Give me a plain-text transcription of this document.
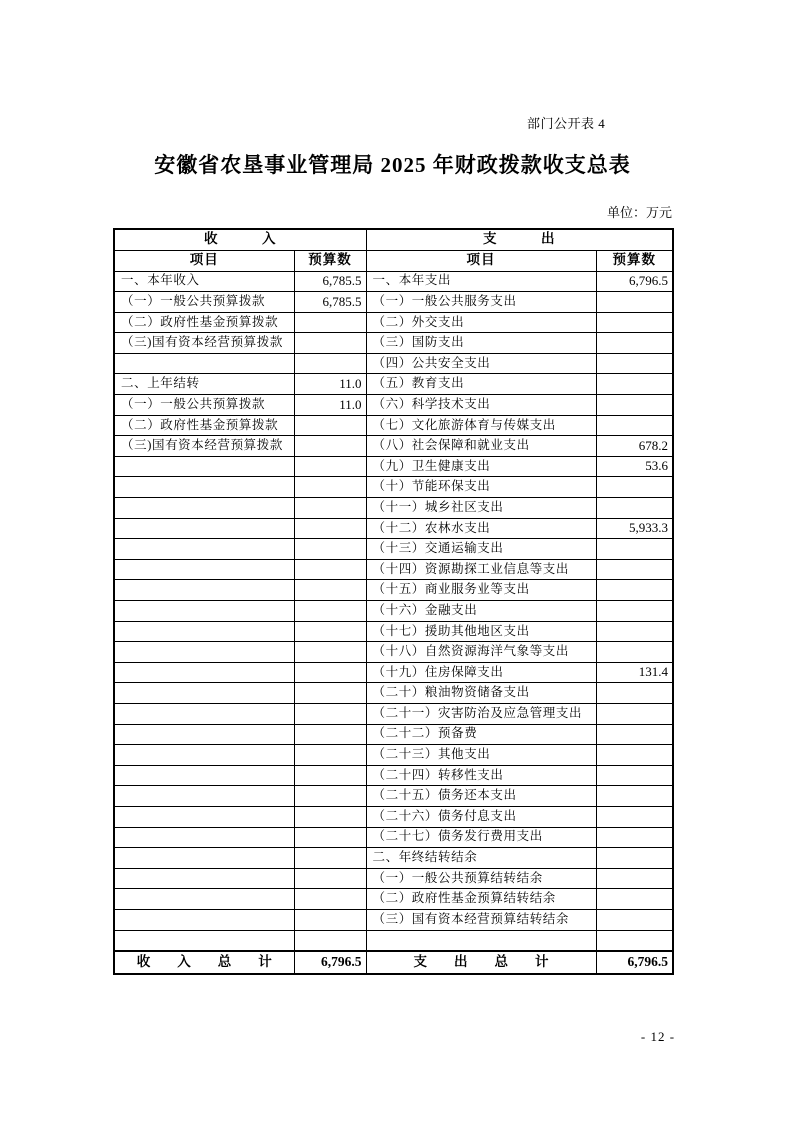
部门公开表 4
安徽省农垦事业管理局 2025 年财政拨款收支总表
单位：万元
收　　　入		支　　　出	
项目	预算数	项目	预算数
一、本年收入	6,785.5	一、本年支出	6,796.5
（一）一般公共预算拨款	6,785.5	（一）一般公共服务支出	
（二）政府性基金预算拨款		（二）外交支出	
（三)国有资本经营预算拨款		（三）国防支出	
		（四）公共安全支出	
二、上年结转	11.0	（五）教育支出	
（一）一般公共预算拨款	11.0	（六）科学技术支出	
（二）政府性基金预算拨款		（七）文化旅游体育与传媒支出	
（三)国有资本经营预算拨款		（八）社会保障和就业支出	678.2
		（九）卫生健康支出	53.6
		（十）节能环保支出	
		（十一）城乡社区支出	
		（十二）农林水支出	5,933.3
		（十三）交通运输支出	
		（十四）资源勘探工业信息等支出	
		（十五）商业服务业等支出	
		（十六）金融支出	
		（十七）援助其他地区支出	
		（十八）自然资源海洋气象等支出	
		（十九）住房保障支出	131.4
		（二十）粮油物资储备支出	
		（二十一）灾害防治及应急管理支出	
		（二十二）预备费	
		（二十三）其他支出	
		（二十四）转移性支出	
		（二十五）债务还本支出	
		（二十六）债务付息支出	
		（二十七）债务发行费用支出	
		二、年终结转结余	
		（一）一般公共预算结转结余	
		（二）政府性基金预算结转结余	
		（三）国有资本经营预算结转结余	

收　　入　　总　　计	6,796.5	支　　出　　总　　计	6,796.5
- 12 -
